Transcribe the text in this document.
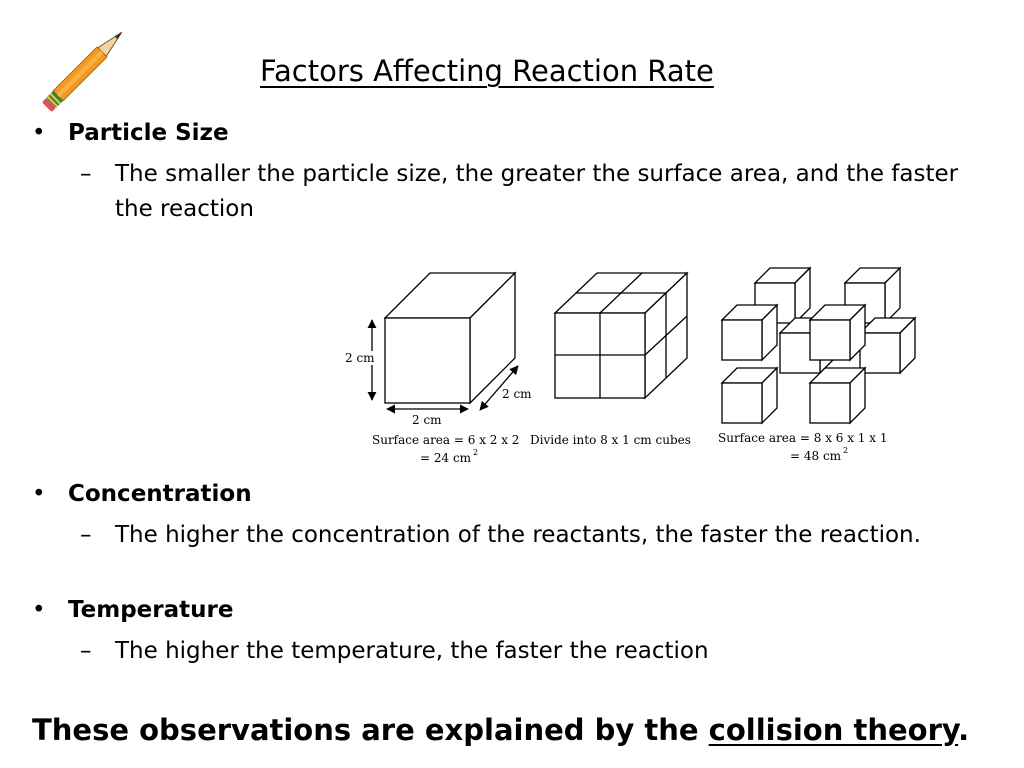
Factors Affecting Reaction Rate
• Particle Size
– The smaller the particle size, the greater the surface area, and the faster the reaction
2 cm
2 cm
2 cm
Surface area = 6 x 2 x 2
= 24 cm 2
Divide into 8 x 1 cm cubes Surface area = 8 x 6 x 1 x 1
= 48 cm 2
• Concentration
– The higher the concentration of the reactants, the faster the reaction.
• Temperature
– The higher the temperature, the faster the reaction
These observations are explained by the collision theory.
